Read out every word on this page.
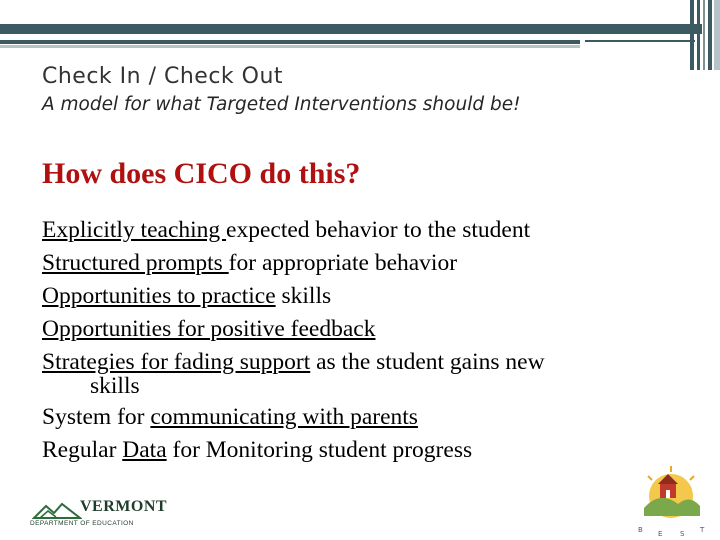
Check In / Check Out

A model for what Targeted Interventions should be!

How does CICO do this?
Explicitly teaching expected behavior to the student
Structured prompts for appropriate behavior
Opportunities to practice skills
Opportunities for positive feedback
Strategies for fading support as the student gains new
skills
System for communicating with parents
Regular Data for Monitoring student progress
VERMONT
DEPARTMENT OF EDUCATION
B E	S T
